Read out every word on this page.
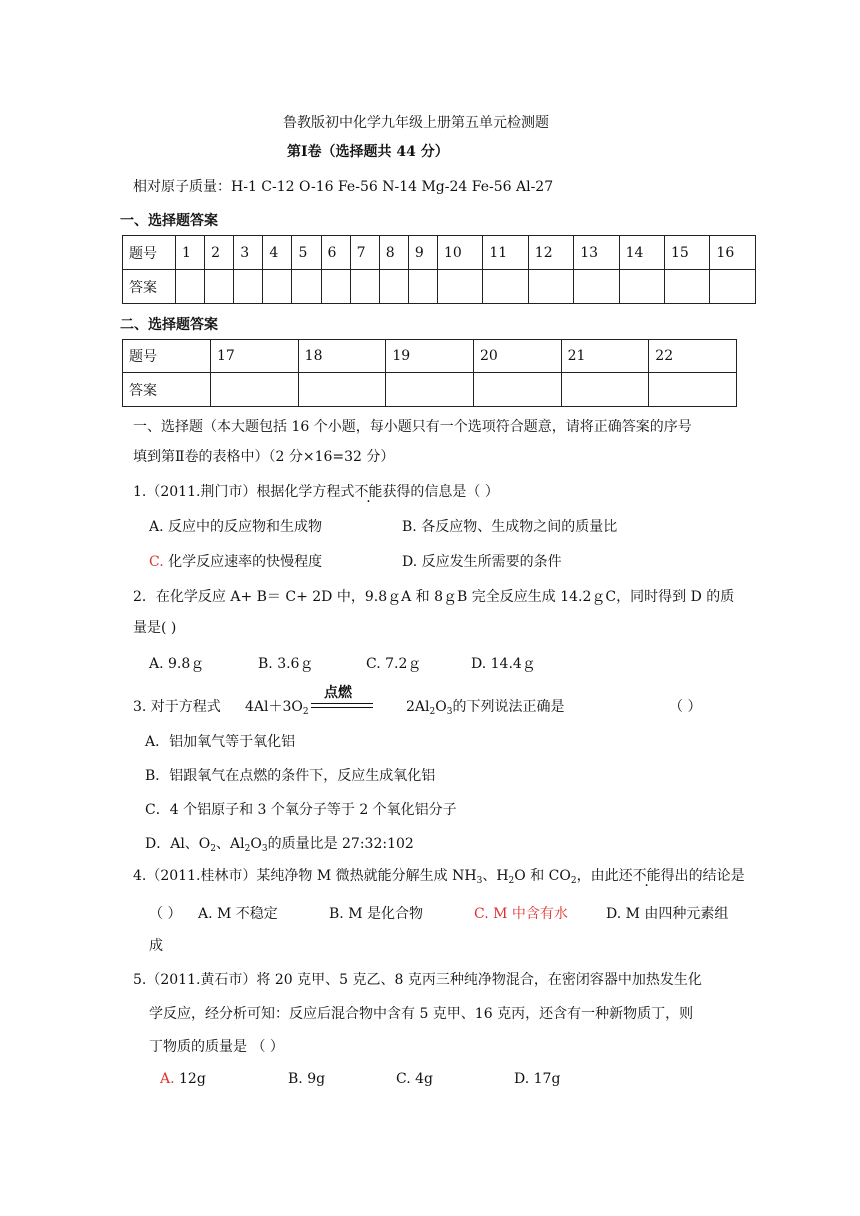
鲁教版初中化学九年级上册第五单元检测题
第Ⅰ卷（选择题共 44 分）
相对原子质量：H-1 C-12 O-16 Fe-56 N-14 Mg-24 Fe-56 Al-27
一、选择题答案
题号	1	2	3	4	5	6	7	8	9	10	11	12	13	14	15	16
答案																
二、选择题答案
题号	17	18	19	20	21	22
答案						
一、选择题（本大题包括 16 个小题，每小题只有一个选项符合题意，请将正确答案的序号
填到第Ⅱ卷的表格中）（2 分×16=32 分）
1.（2011.荆门市）根据化学方程式不能获得的信息是（ ）
A. 反应中的反应物和生成物	B. 各反应物、生成物之间的质量比
C. 化学反应速率的快慢程度	D. 反应发生所需要的条件
2．在化学反应 A+ B＝ C+ 2D 中，9.8ｇA 和 8ｇB 完全反应生成 14.2ｇC，同时得到 D 的质
量是( )
A. 9.8ｇ	B. 3.6ｇ	C. 7.2ｇ	D. 14.4ｇ
3. 对于方程式 $4Al+3O_2$
点燃
$2Al_2O_3$的下列说法正确是	（ ）
A．铝加氧气等于氧化铝
B．铝跟氧气在点燃的条件下，反应生成氧化铝
C．4 个铝原子和 3 个氧分子等于 2 个氧化铝分子
D．Al、$O_2$、$Al_2O_3$的质量比是 27:32:102
4.（2011.桂林市）某纯净物 M 微热就能分解生成 $NH_3$、$H_2O$ 和 $CO_2$，由此还不能得出的结论是
（ ） A. M 不稳定	B. M 是化合物	C. M 中含有水	D. M 由四种元素组
成
5.（2011.黄石市）将 20 克甲、5 克乙、8 克丙三种纯净物混合，在密闭容器中加热发生化
学反应，经分析可知：反应后混合物中含有 5 克甲、16 克丙，还含有一种新物质丁，则
丁物质的质量是 （ ）
A. 12g	B. 9g	C. 4g	D. 17g
